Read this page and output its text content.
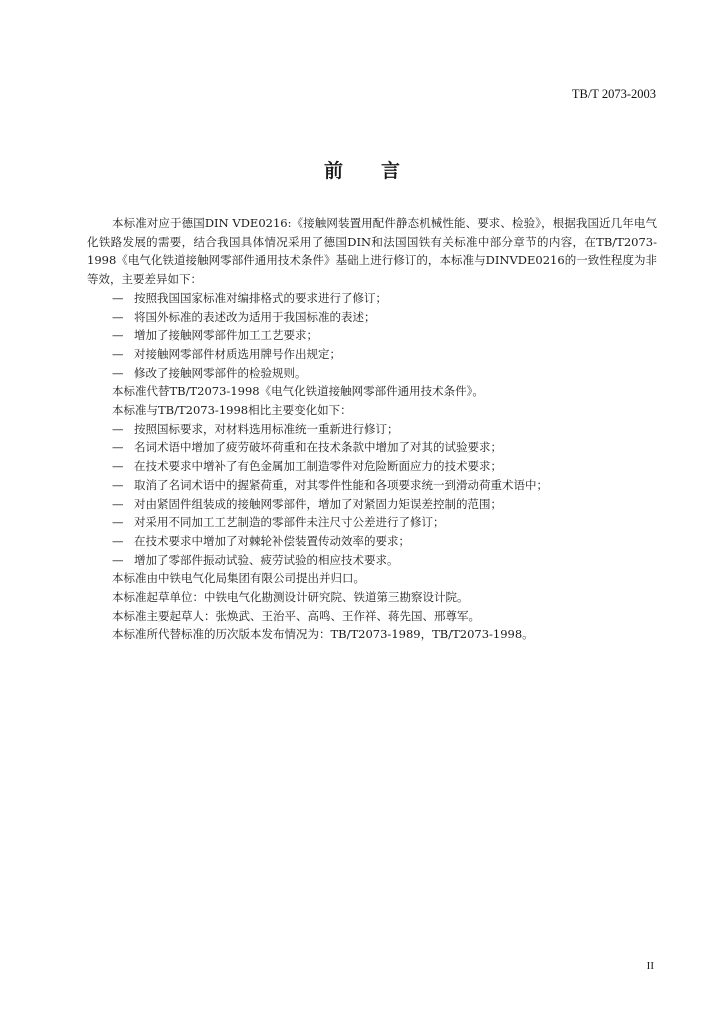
TB/T 2073-2003
前言

本标准对应于德国DIN VDE0216:《接触网装置用配件静态机械性能、要求、检验》，根据我国近几年电气化铁路发展的需要，结合我国具体情况采用了德国DIN和法国国铁有关标准中部分章节的内容，在TB/T2073-1998《电气化铁道接触网零部件通用技术条件》基础上进行修订的，本标准与DINVDE0216的一致性程度为非等效，主要差异如下：

— 按照我国国家标准对编排格式的要求进行了修订；

— 将国外标准的表述改为适用于我国标准的表述；

— 增加了接触网零部件加工工艺要求；

— 对接触网零部件材质选用牌号作出规定；

— 修改了接触网零部件的检验规则。

本标准代替TB/T2073-1998《电气化铁道接触网零部件通用技术条件》。

本标准与TB/T2073-1998相比主要变化如下：

— 按照国标要求，对材料选用标准统一重新进行修订；

— 名词术语中增加了疲劳破坏荷重和在技术条款中增加了对其的试验要求；

— 在技术要求中增补了有色金属加工制造零件对危险断面应力的技术要求；

— 取消了名词术语中的握紧荷重，对其零件性能和各项要求统一到滑动荷重术语中；

— 对由紧固件组装成的接触网零部件，增加了对紧固力矩误差控制的范围；

— 对采用不同加工工艺制造的零部件未注尺寸公差进行了修订；

— 在技术要求中增加了对棘轮补偿装置传动效率的要求；

— 增加了零部件振动试验、疲劳试验的相应技术要求。

本标准由中铁电气化局集团有限公司提出并归口。

本标准起草单位：中铁电气化勘测设计研究院、铁道第三勘察设计院。

本标准主要起草人：张焕武、王治平、高鸣、王作祥、蒋先国、邢尊军。

本标准所代替标准的历次版本发布情况为：TB/T2073-1989，TB/T2073-1998。

II
